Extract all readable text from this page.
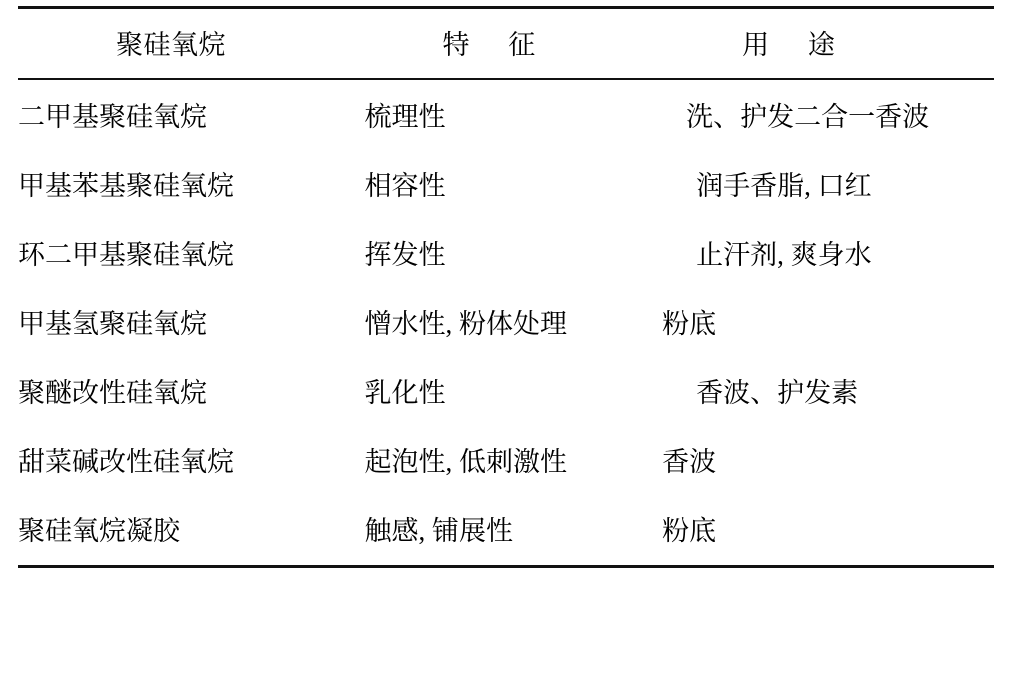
聚硅氧烷	特 征	用 途
二甲基聚硅氧烷	梳理性	洗、护发二合一香波
甲基苯基聚硅氧烷	相容性	润手香脂, 口红
环二甲基聚硅氧烷	挥发性	止汗剂, 爽身水
甲基氢聚硅氧烷	憎水性, 粉体处理	粉底
聚醚改性硅氧烷	乳化性	香波、护发素
甜菜碱改性硅氧烷	起泡性, 低刺激性	香波
聚硅氧烷凝胶	触感, 铺展性	粉底
